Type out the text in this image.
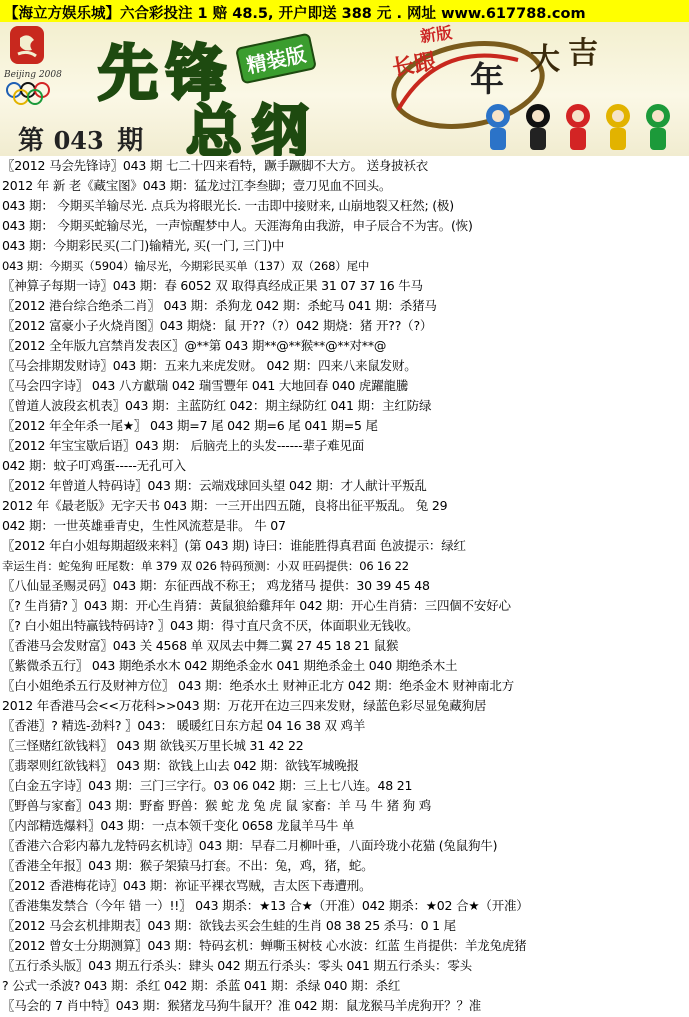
【海立方娱乐城】六合彩投注 1 赔 48.5, 开户即送 388 元 . 网址 www.617788.com
Beijing 2008 先 锋
总 纲
精装版
新版
第 043 期
长跟 年
大 吉
〖2012 马会先锋诗〗043 期 七二十四来看特，蹶手蹶脚不大方。 送身披袄衣
2012 年 新 老《藏宝图》043 期：猛龙过江李叁脚；壹刀见血不回头。
043 期： 今期买羊输尽光. 点兵为将眼光长. 一击即中接财来, 山崩地裂又枉然; (极)
043 期： 今期买蛇输尽光，一声惊醒梦中人。天涯海角由我游，申子辰合不为害。(恢)
043 期：今期彩民买(二门)输精光, 买(一门, 三门)中
043 期：今期买（5904）输尽光，今期彩民买单（137）双（268）尾中
〖神算子每期一诗〗043 期：春 6052 双 取得真经成正果 31 07 37 16 牛马
〖2012 港台综合绝杀二肖〗 043 期：杀狗龙 042 期：杀蛇马 041 期：杀猪马
〖2012 富豪小子火烧肖图〗043 期烧：鼠 开??（?）042 期烧：猪 开??（?）
〖2012 全年版九宫禁肖发表区〗@**第 043 期**@**猴**@**对**@
〖马会排期发财诗〗043 期：五来九来虎发财。 042 期：四来八来鼠发财。
〖马会四字诗〗 043 八方獻瑞 042 瑞雪豐年 041 大地回春 040 虎躍龍騰
〖曾道人波段玄机表〗043 期：主蓝防红 042：期主绿防红 041 期：主红防绿
〖2012 年全年杀一尾★〗 043 期=7 尾 042 期=6 尾 041 期=5 尾
〖2012 年宝宝歇后语〗043 期： 后脑壳上的头发------辈子难见面
042 期：蚊子叮鸡蛋-----无孔可入
〖2012 年曾道人特码诗〗043 期：云端戏球回头望 042 期：才人献计平叛乱
2012 年《最老版》无字天书 043 期：一三开出四五随，良将出征平叛乱。 兔 29
042 期：一世英雄垂青史，生性风流惹是非。 牛 07
〖2012 年白小姐每期超级来料〗(第 043 期) 诗曰：谁能胜得真君面 色波提示：绿红
幸运生肖：蛇兔狗 旺尾数：单 379 双 026 特码预测：小双 旺码提供：06 16 22
〖八仙显圣赐灵码〗043 期：东征西战不称王； 鸡龙猪马 提供：30 39 45 48
〖? 生肖猜? 〗043 期：开心生肖猜：黃鼠狼給雞拜年 042 期：开心生肖猜：三四個不安好心
〖? 白小姐出特赢钱特码诗? 〗043 期：得寸直尺贪不厌，体面职业无钱收。
〖香港马会发财富〗043 关 4568 单 双凤去中舞二翼 27 45 18 21 鼠猴
〖紫微杀五行〗 043 期绝杀水木 042 期绝杀金水 041 期绝杀金土 040 期绝杀木土
〖白小姐绝杀五行及财神方位〗 043 期：绝杀水土 财神正北方 042 期：绝杀金木 财神南北方
2012 年香港马会<<万花科>>043 期：万花开在边三四来发财，绿蓝色彩尽显兔藏狗居
〖香港〗? 精选-劲料? 〗043： 暖暖红日东方起 04 16 38 双 鸡羊
〖三怪赌红欲钱料〗 043 期 欲钱买万里长城 31 42 22
〖翡翠则红欲钱料〗 043 期：欲钱上山去 042 期：欲钱军城晚报
〖白金五字诗〗043 期：三门三字行。03 06 042 期：三上七八连。48 21
〖野兽与家畜〗043 期：野畜 野兽：猴 蛇 龙 兔 虎 鼠 家畜：羊 马 牛 猪 狗 鸡
〖内部精选爆料〗043 期：一点本领千变化 0658 龙鼠羊马牛 单
〖香港六合彩内幕九龙特码玄机诗〗043 期：早春二月柳叶垂，八面玲珑小花猫 (兔鼠狗牛)
〖香港全年报〗043 期：猴子架猿马打套。不出：兔，鸡，猪，蛇。
〖2012 香港梅花诗〗043 期：祢证平裸衣骂贼，吉太医下毒遭刑。
〖香港集发禁合（今年 错 一）!!〗 043 期杀：★13 合★（开准）042 期杀：★02 合★（开准）
〖2012 马会玄机排期表〗043 期：欲钱去买会生蛙的生肖 08 38 25 杀马：0 1 尾
〖2012 曾女士分期测算〗043 期：特码玄机：蝉嘶玉树枝 心水波：红蓝 生肖提供：羊龙兔虎猪
〖五行杀头版〗043 期五行杀头：肆头 042 期五行杀头：零头 041 期五行杀头：零头
? 公式一杀波? 043 期：杀红 042 期：杀蓝 041 期：杀绿 040 期：杀红
〖马会的 7 肖中特〗043 期：猴猪龙马狗牛鼠开？准 042 期：鼠龙猴马羊虎狗开？？准
